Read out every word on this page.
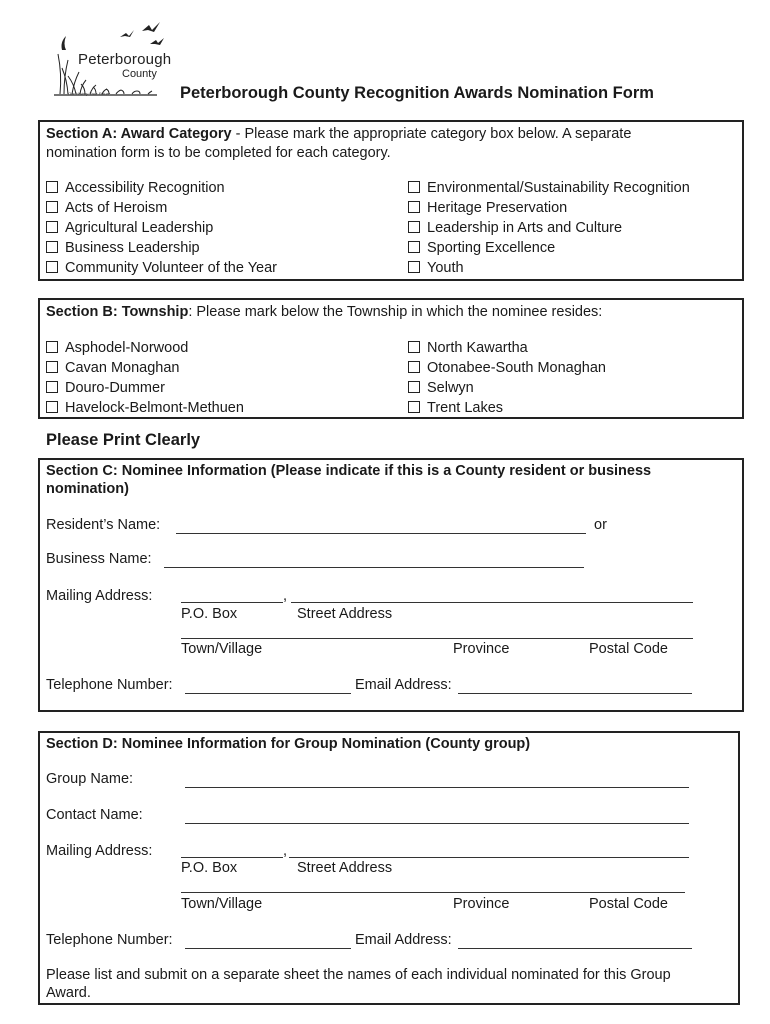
Peterborough
County
Our History Your Future	Peterborough County Recognition Awards Nomination Form
Section A: Award Category - Please mark the appropriate category box below. A separate
nomination form is to be completed for each category.
Accessibility Recognition
Acts of Heroism
Agricultural Leadership
Business Leadership
Community Volunteer of the Year
Environmental/Sustainability Recognition
Heritage Preservation
Leadership in Arts and Culture
Sporting Excellence
Youth
Section B: Township: Please mark below the Township in which the nominee resides:
Asphodel-Norwood
Cavan Monaghan
Douro-Dummer
Havelock-Belmont-Methuen
North Kawartha
Otonabee-South Monaghan
Selwyn
Trent Lakes
Please Print Clearly
Section C: Nominee Information (Please indicate if this is a County resident or business
nomination)
Resident’s Name:	or
Business Name:
Mailing Address:	,
P.O. Box	Street Address
Town/Village	Province	Postal Code
Telephone Number:	Email Address:
Section D: Nominee Information for Group Nomination (County group)
Group Name:
Contact Name:
Mailing Address:	,
P.O. Box	Street Address
Town/Village	Province	Postal Code
Telephone Number:	Email Address:
Please list and submit on a separate sheet the names of each individual nominated for this Group
Award.
